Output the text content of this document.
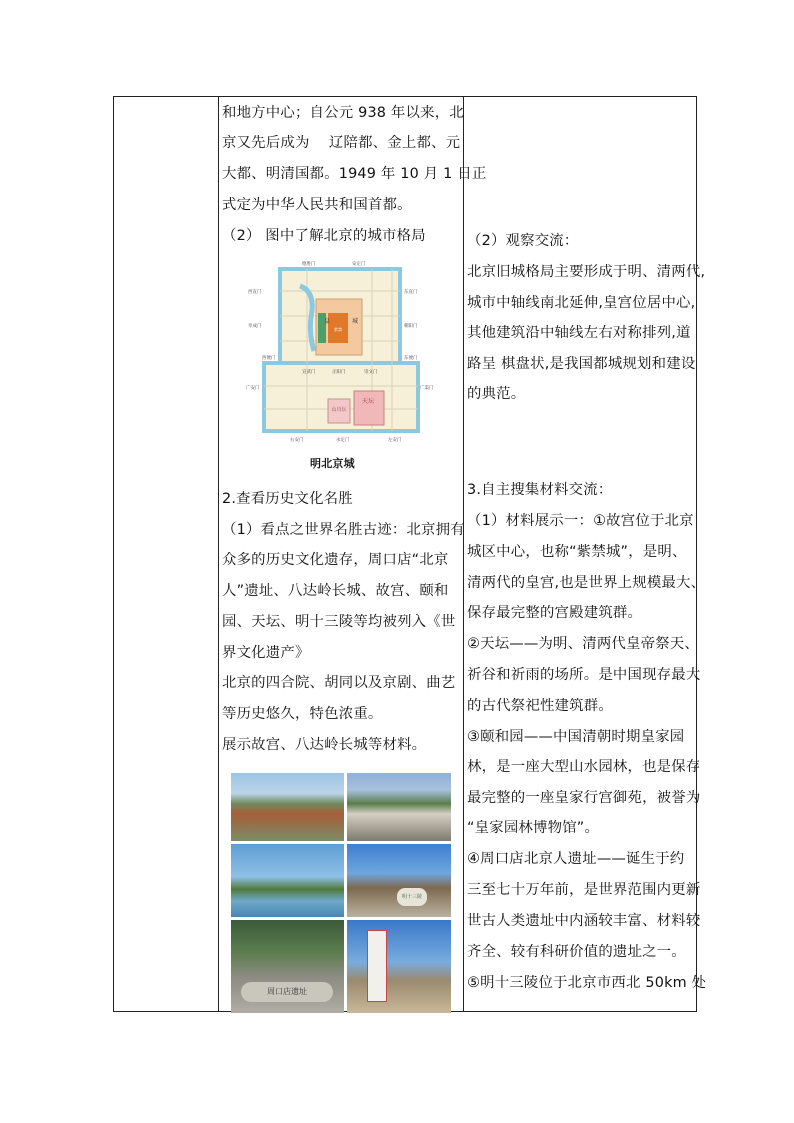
和地方中心；自公元 938 年以来，北
京又先后成为　 辽陪都、金上都、元
大都、明清国都。1949 年 10 月 1 日正
式定为中华人民共和国首都。
（2） 图中了解北京的城市格局
天坛
山川坛
皇	城
紫禁
德胜门	安定门
西直门	东直门
阜成门	朝阳门
西便门
宣武门	正阳门	崇文门
东便门
广安门	广渠门
右安门	永定门	左安门
明北京城
2.查看历史文化名胜
（1）看点之世界名胜古迹：北京拥有
众多的历史文化遗存，周口店“北京
人”遗址、八达岭长城、故宫、颐和
园、天坛、明十三陵等均被列入《世
界文化遗产》
北京的四合院、胡同以及京剧、曲艺
等历史悠久，特色浓重。
展示故宫、八达岭长城等材料。
明十三陵
周口店遗址
（2）观察交流：
北京旧城格局主要形成于明、清两代,
城市中轴线南北延伸,皇宫位居中心,
其他建筑沿中轴线左右对称排列,道
路呈 棋盘状,是我国都城规划和建设
的典范。
3.自主搜集材料交流：
（1）材料展示一：①故宫位于北京
城区中心，也称“紫禁城”，是明、
清两代的皇宫,也是世界上规模最大、
保存最完整的宫殿建筑群。
②天坛——为明、清两代皇帝祭天、
祈谷和祈雨的场所。是中国现存最大
的古代祭祀性建筑群。
③颐和园——中国清朝时期皇家园
林，是一座大型山水园林，也是保存
最完整的一座皇家行宫御苑，被誉为
“皇家园林博物馆”。
④周口店北京人遗址——诞生于约
三至七十万年前，是世界范围内更新
世古人类遗址中内涵较丰富、材料较
齐全、较有科研价值的遗址之一。
⑤明十三陵位于北京市西北 50km 处
